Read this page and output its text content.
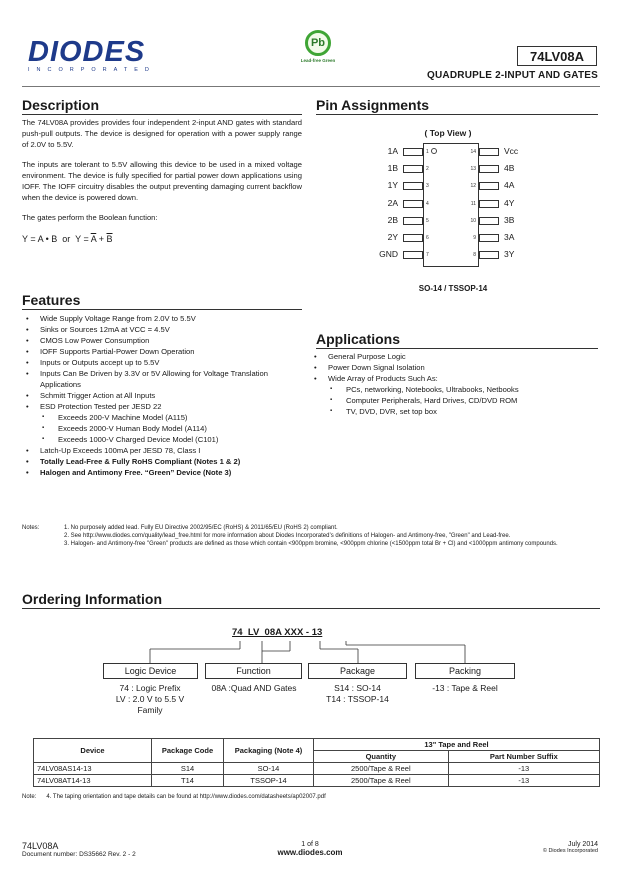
DIODES
INCORPORATED
Pb
Lead-free Green	74LV08A
QUADRUPLE 2-INPUT AND GATES
Description

The 74LV08A provides provides four independent 2-input AND gates with standard push-pull outputs. The device is designed for operation with a power supply range of 2.0V to 5.5V.

The inputs are tolerant to 5.5V allowing this device to be used in a mixed voltage environment. The device is fully specified for partial power down applications using IOFF. The IOFF circuitry disables the output preventing damaging current backflow when the device is powered down.

The gates perform the Boolean function:

Y = A • B  or  $Y = \overline{A} + \overline{B}$

Features
• Wide Supply Voltage Range from 2.0V to 5.5V
• Sinks or Sources 12mA at VCC = 4.5V
• CMOS Low Power Consumption
• IOFF Supports Partial-Power Down Operation
• Inputs or Outputs accept up to 5.5V
• Inputs Can Be Driven by 3.3V or 5V Allowing for Voltage Translation Applications
• Schmitt Trigger Action at All Inputs
• ESD Protection Tested per JESD 22
▪ Exceeds 200-V Machine Model (A115)
▪ Exceeds 2000-V Human Body Model (A114)
▪ Exceeds 1000-V Charged Device Model (C101)
• Latch-Up Exceeds 100mA per JESD 78, Class I
• Totally Lead-Free & Fully RoHS Compliant (Notes 1 & 2)
• Halogen and Antimony Free. “Green” Device (Note 3)
Pin Assignments
( Top View )
1A	1
1B	2
1Y	3
2A	4
2B	5
2Y	6
GND	7
14	Vcc
13	4B
12	4A
11	4Y
10	3B
9	3A
8	3Y
SO-14 / TSSOP-14
Applications
• General Purpose Logic
• Power Down Signal Isolation
• Wide Array of Products Such As:
▪ PCs, networking, Notebooks, Ultrabooks, Netbooks
▪ Computer Peripherals, Hard Drives, CD/DVD ROM
▪ TV, DVD, DVR, set top box
Notes:	1. No purposely added lead. Fully EU Directive 2002/95/EC (RoHS) & 2011/65/EU (RoHS 2) compliant.
2. See http://www.diodes.com/quality/lead_free.html for more information about Diodes Incorporated’s definitions of Halogen- and Antimony-free, "Green" and Lead-free.
3. Halogen- and Antimony-free "Green" products are defined as those which contain <900ppm bromine, <900ppm chlorine (<1500ppm total Br + Cl) and <1000ppm antimony compounds.
Ordering Information
74  LV  08A XXX - 13
Logic Device
74 : Logic Prefix
LV : 2.0 V to 5.5 V
Family
Function
08A :Quad AND Gates
Package
S14 : SO-14
T14 : TSSOP-14
Packing
-13 : Tape & Reel
Device	Package Code	Packaging (Note 4)	13" Tape and Reel	
			Quantity	Part Number Suffix
74LV08AS14-13	S14	SO-14	2500/Tape & Reel	-13
74LV08AT14-13	T14	TSSOP-14	2500/Tape & Reel	-13
Note:      4. The taping orientation and tape details can be found at http://www.diodes.com/datasheets/ap02007.pdf
74LV08A
Document number: DS35662 Rev. 2 - 2
1 of 8
www.diodes.com
July 2014
© Diodes Incorporated
